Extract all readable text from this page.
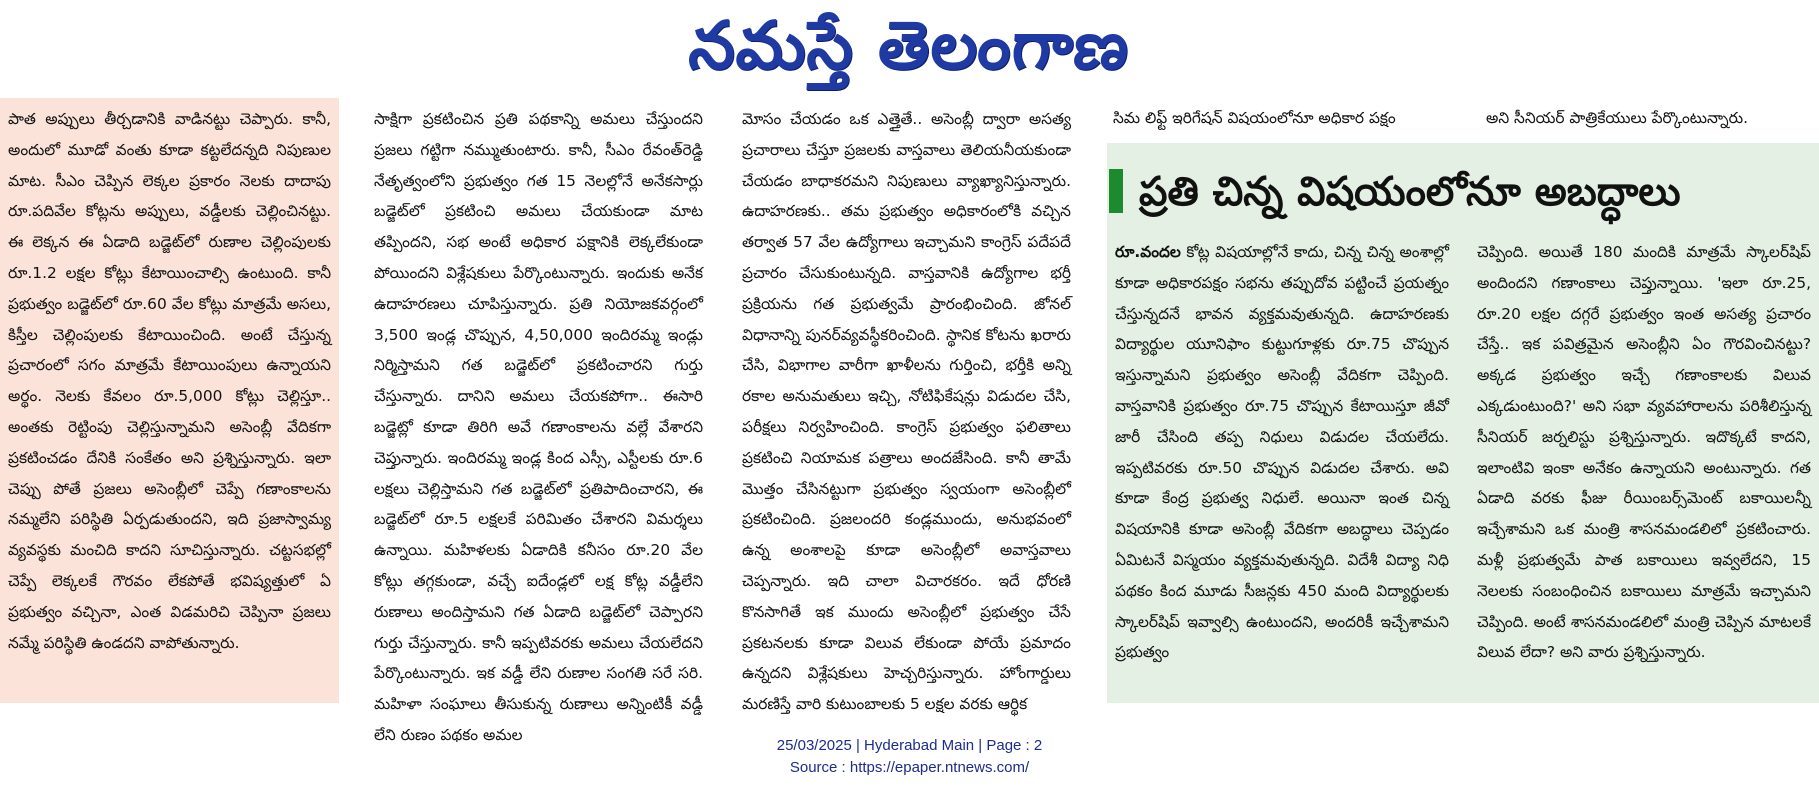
నమస్తే తెలంగాణ

పాత అప్పులు తీర్చడానికి వాడినట్టు చెప్పారు. కానీ, అందులో మూడో వంతు కూడా కట్టలేదన్నది నిపుణుల మాట. సీఎం చెప్పిన లెక్కల ప్రకారం నెలకు దాదాపు రూ.పదివేల కోట్లను అప్పులు, వడ్డీలకు చెల్లించినట్టు. ఈ లెక్కన ఈ ఏడాది బడ్జెట్‌లో రుణాల చెల్లింపులకు రూ.1.2 లక్షల కోట్లు కేటాయించాల్సి ఉంటుంది. కానీ ప్రభుత్వం బడ్జెట్‌లో రూ.60 వేల కోట్లు మాత్రమే అసలు, కిస్తీల చెల్లింపులకు కేటాయించింది. అంటే చేస్తున్న ప్రచారంలో సగం మాత్రమే కేటాయింపులు ఉన్నాయని అర్థం. నెలకు కేవలం రూ.5,000 కోట్లు చెల్లిస్తూ.. అంతకు రెట్టింపు చెల్లిస్తున్నామని అసెంబ్లీ వేదికగా ప్రకటించడం దేనికి సంకేతం అని ప్రశ్నిస్తున్నారు. ఇలా చెప్పు పోతే ప్రజలు అసెంబ్లీలో చెప్పే గణాంకాలను నమ్మలేని పరిస్థితి ఏర్పడుతుందని, ఇది ప్రజాస్వామ్య వ్యవస్థకు మంచిది కాదని సూచిస్తున్నారు. చట్టసభల్లో చెప్పే లెక్కలకే గౌరవం లేకపోతే భవిష్యత్తులో ఏ ప్రభుత్వం వచ్చినా, ఎంత విడమరిచి చెప్పినా ప్రజలు నమ్మే పరిస్థితి ఉండదని వాపోతున్నారు.

సాక్షిగా ప్రకటించిన ప్రతి పథకాన్ని అమలు చేస్తుందని ప్రజలు గట్టిగా నమ్ముతుంటారు. కానీ, సీఎం రేవంత్‌రెడ్డి నేతృత్వంలోని ప్రభుత్వం గత 15 నెలల్లోనే అనేకసార్లు బడ్జెట్‌లో ప్రకటించి అమలు చేయకుండా మాట తప్పిందని, సభ అంటే అధికార పక్షానికి లెక్కలేకుండా పోయిందని విశ్లేషకులు పేర్కొంటున్నారు. ఇందుకు అనేక ఉదాహరణలు చూపిస్తున్నారు. ప్రతి నియోజకవర్గంలో 3,500 ఇండ్ల చొప్పున, 4,50,000 ఇందిరమ్మ ఇండ్లు నిర్మిస్తామని గత బడ్జెట్‌లో ప్రకటించారని గుర్తు చేస్తున్నారు. దానిని అమలు చేయకపోగా.. ఈసారి బడ్జెట్లో కూడా తిరిగి అవే గణాంకాలను వల్లే వేశారని చెప్తున్నారు. ఇందిరమ్మ ఇండ్ల కింద ఎస్సీ, ఎస్టీలకు రూ.6 లక్షలు చెల్లిస్తామని గత బడ్జెట్‌లో ప్రతిపాదించారని, ఈ బడ్జెట్‌లో రూ.5 లక్షలకే పరిమితం చేశారని విమర్శలు ఉన్నాయి. మహిళలకు ఏడాదికి కనీసం రూ.20 వేల కోట్లు తగ్గకుండా, వచ్చే ఐదేండ్లలో లక్ష కోట్ల వడ్డీలేని రుణాలు అందిస్తామని గత ఏడాది బడ్జెట్‌లో చెప్పారని గుర్తు చేస్తున్నారు. కానీ ఇప్పటివరకు అమలు చేయలేదని పేర్కొంటున్నారు. ఇక వడ్డీ లేని రుణాల సంగతి సరే సరి. మహిళా సంఘాలు తీసుకున్న రుణాలు అన్నింటికీ వడ్డీ లేని రుణం పథకం అమల

మోసం చేయడం ఒక ఎత్తైతే.. అసెంబ్లీ ద్వారా అసత్య ప్రచారాలు చేస్తూ ప్రజలకు వాస్తవాలు తెలియనీయకుండా చేయడం బాధాకరమని నిపుణులు వ్యాఖ్యానిస్తున్నారు. ఉదాహరణకు.. తమ ప్రభుత్వం అధికారంలోకి వచ్చిన తర్వాత 57 వేల ఉద్యోగాలు ఇచ్చామని కాంగ్రెస్ పదేపదే ప్రచారం చేసుకుంటున్నది. వాస్తవానికి ఉద్యోగాల భర్తీ ప్రక్రియను గత ప్రభుత్వమే ప్రారంభించింది. జోనల్ విధానాన్ని పునర్‌వ్యవస్థీకరించింది. స్థానిక కోటను ఖరారు చేసి, విభాగాల వారీగా ఖాళీలను గుర్తించి, భర్తీకి అన్ని రకాల అనుమతులు ఇచ్చి, నోటిఫికేషన్లు విడుదల చేసి, పరీక్షలు నిర్వహించింది. కాంగ్రెస్ ప్రభుత్వం ఫలితాలు ప్రకటించి నియామక పత్రాలు అందజేసింది. కానీ తామే మొత్తం చేసినట్టుగా ప్రభుత్వం స్వయంగా అసెంబ్లీలో ప్రకటించింది. ప్రజలందరి కండ్లముందు, అనుభవంలో ఉన్న అంశాలపై కూడా అసెంబ్లీలో అవాస్తవాలు చెప్పన్నారు. ఇది చాలా విచారకరం. ఇదే ధోరణి కొనసాగితే ఇక ముందు అసెంబ్లీలో ప్రభుత్వం చేసే ప్రకటనలకు కూడా విలువ లేకుండా పోయే ప్రమాదం ఉన్నదని విశ్లేషకులు హెచ్చరిస్తున్నారు. హోంగార్డులు మరణిస్తే వారి కుటుంబాలకు 5 లక్షల వరకు ఆర్థిక

సిమ లిఫ్ట్ ఇరిగేషన్ విషయంలోనూ అధికార పక్షం	అని సీనియర్ పాత్రికేయులు పేర్కొంటున్నారు.

ప్రతి చిన్న విషయంలోనూ అబద్ధాలు

రూ.వందల కోట్ల విషయాల్లోనే కాదు, చిన్న చిన్న అంశాల్లో కూడా అధికారపక్షం సభను తప్పుదోవ పట్టించే ప్రయత్నం చేస్తున్నదనే భావన వ్యక్తమవుతున్నది. ఉదాహరణకు విద్యార్థుల యూనిఫాం కుట్టుగూళ్లకు రూ.75 చొప్పున ఇస్తున్నామని ప్రభుత్వం అసెంబ్లీ వేదికగా చెప్పింది. వాస్తవానికి ప్రభుత్వం రూ.75 చొప్పున కేటాయిస్తూ జీవో జారీ చేసింది తప్ప నిధులు విడుదల చేయలేదు. ఇప్పటివరకు రూ.50 చొప్పున విడుదల చేశారు. అవి కూడా కేంద్ర ప్రభుత్వ నిధులే. అయినా ఇంత చిన్న విషయానికి కూడా అసెంబ్లీ వేదికగా అబద్ధాలు చెప్పడం ఏమిటనే విస్మయం వ్యక్తమవుతున్నది. విదేశీ విద్యా నిధి పథకం కింద మూడు సీజన్లకు 450 మంది విద్యార్థులకు స్కాలర్‌షిప్ ఇవ్వాల్సి ఉంటుందని, అందరికీ ఇచ్చేశామని ప్రభుత్వం

చెప్పింది. అయితే 180 మందికి మాత్రమే స్కాలర్‌షిప్ అందిందని గణాంకాలు చెప్తున్నాయి. 'ఇలా రూ.25, రూ.20 లక్షల దగ్గరే ప్రభుత్వం ఇంత అసత్య ప్రచారం చేస్తే.. ఇక పవిత్రమైన అసెంబ్లీని ఏం గౌరవించినట్టు? అక్కడ ప్రభుత్వం ఇచ్చే గణాంకాలకు విలువ ఎక్కడుంటుంది?' అని సభా వ్యవహారాలను పరిశీలిస్తున్న సీనియర్ జర్నలిస్టు ప్రశ్నిస్తున్నారు. ఇదొక్కటే కాదని, ఇలాంటివి ఇంకా అనేకం ఉన్నాయని అంటున్నారు. గత ఏడాది వరకు ఫీజు రీయింబర్స్‌మెంట్ బకాయిలన్నీ ఇచ్చేశామని ఒక మంత్రి శాసనమండలిలో ప్రకటించారు. మళ్లీ ప్రభుత్వమే పాత బకాయిలు ఇవ్వలేదని, 15 నెలలకు సంబంధించిన బకాయిలు మాత్రమే ఇచ్చామని చెప్పింది. అంటే శాసనమండలిలో మంత్రి చెప్పిన మాటలకే విలువ లేదా? అని వారు ప్రశ్నిస్తున్నారు.

25/03/2025 | Hyderabad Main | Page : 2
Source : https://epaper.ntnews.com/
